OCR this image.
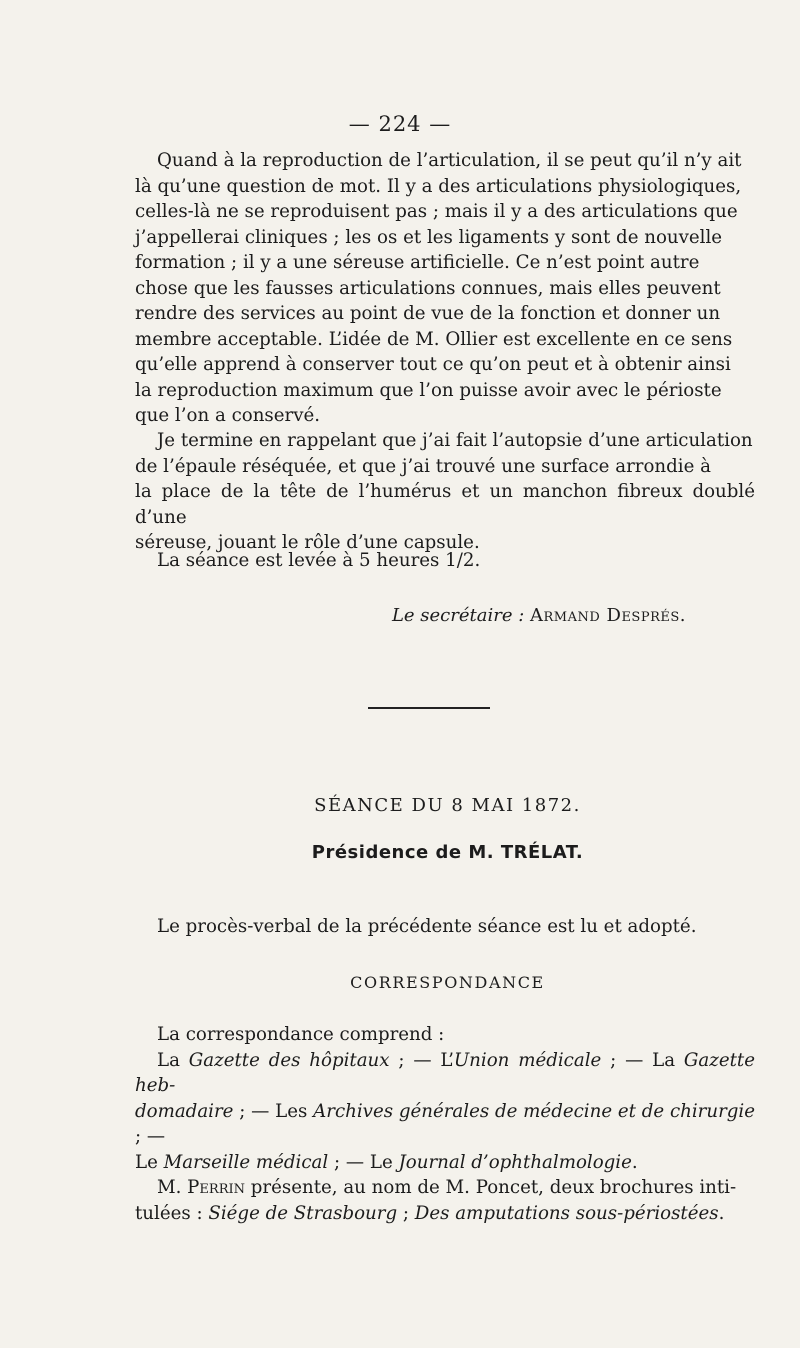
— 224 —
Quand à la reproduction de l’articulation, il se peut qu’il n’y ait
là qu’une question de mot. Il y a des articulations physiologiques,
celles-là ne se reproduisent pas ; mais il y a des articulations que
j’appellerai cliniques ; les os et les ligaments y sont de nouvelle
formation ; il y a une séreuse artificielle. Ce n’est point autre
chose que les fausses articulations connues, mais elles peuvent
rendre des services au point de vue de la fonction et donner un
membre acceptable. L’idée de M. Ollier est excellente en ce sens
qu’elle apprend à conserver tout ce qu’on peut et à obtenir ainsi
la reproduction maximum que l’on puisse avoir avec le périoste
que l’on a conservé.
Je termine en rappelant que j’ai fait l’autopsie d’une articulation
de l’épaule réséquée, et que j’ai trouvé une surface arrondie à
la place de la tête de l’humérus et un manchon fibreux doublé d’une
séreuse, jouant le rôle d’une capsule.
La séance est levée à 5 heures 1/2.
Le secrétaire : Armand Després.
SÉANCE DU 8 MAI 1872.
Présidence de M. TRÉLAT.
Le procès-verbal de la précédente séance est lu et adopté.
CORRESPONDANCE
La correspondance comprend :
La Gazette des hôpitaux ; — L’Union médicale ; — La Gazette heb-
domadaire ; — Les Archives générales de médecine et de chirurgie ; —
Le Marseille médical ; — Le Journal d’ophthalmologie.
M. Perrin présente, au nom de M. Poncet, deux brochures inti-
tulées : Siége de Strasbourg ; Des amputations sous-périostées.
